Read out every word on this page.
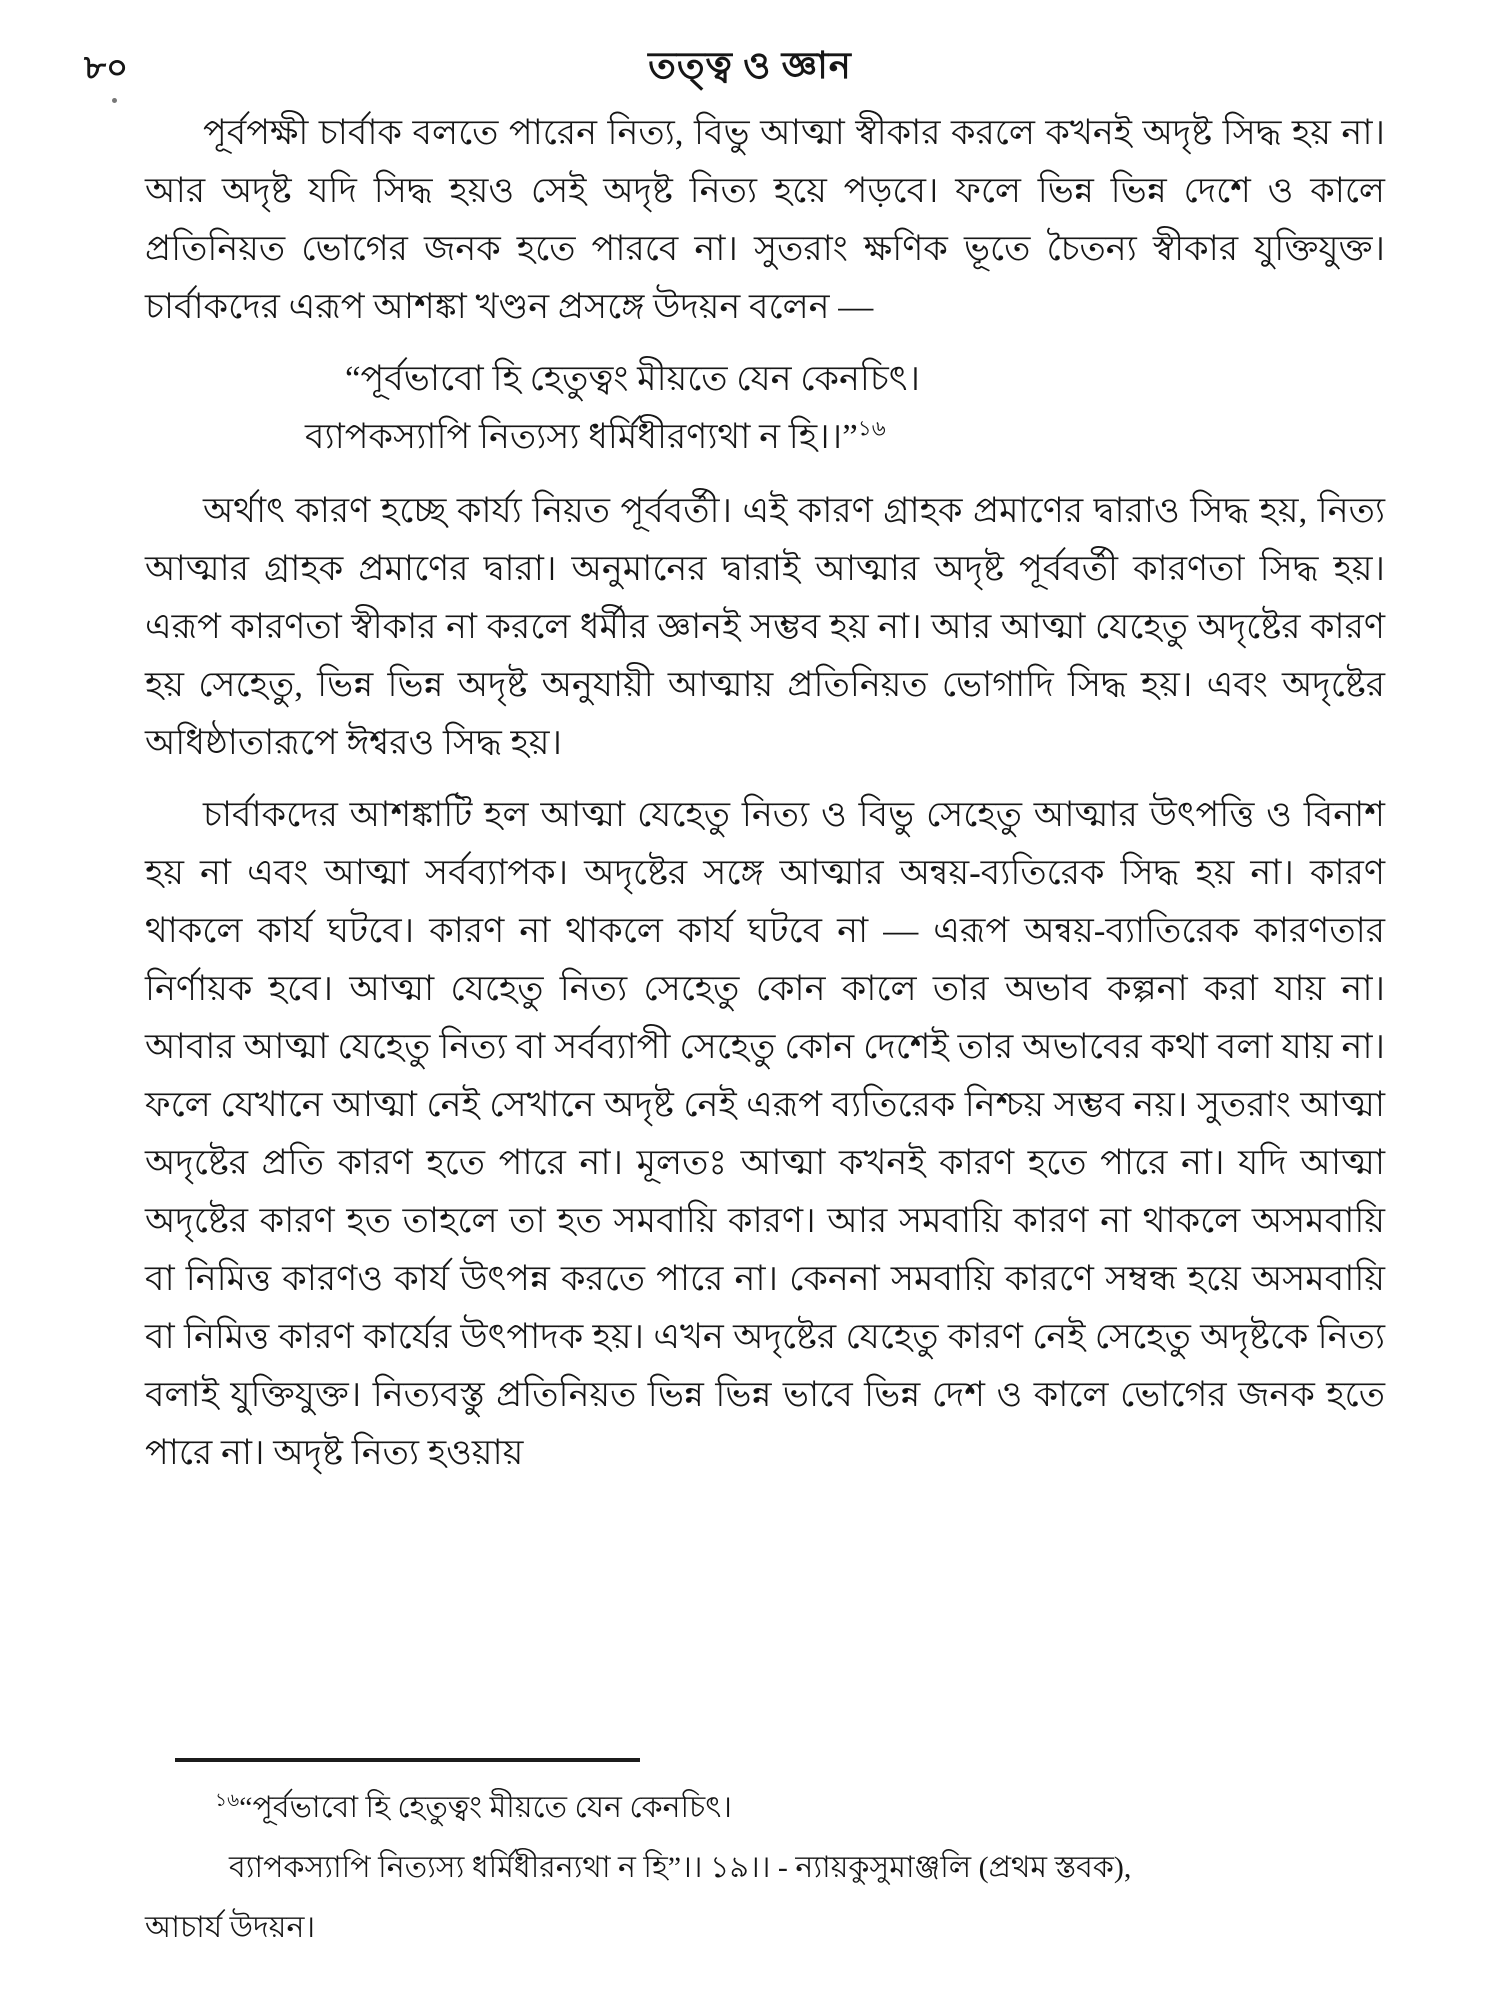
৮০	তত্ত্ব ও জ্ঞান

পূর্বপক্ষী চার্বাক বলতে পারেন নিত্য, বিভু আত্মা স্বীকার করলে কখনই অদৃষ্ট সিদ্ধ হয় না। আর অদৃষ্ট যদি সিদ্ধ হয়ও সেই অদৃষ্ট নিত্য হয়ে পড়বে। ফলে ভিন্ন ভিন্ন দেশে ও কালে প্রতিনিয়ত ভোগের জনক হতে পারবে না। সুতরাং ক্ষণিক ভূতে চৈতন্য স্বীকার যুক্তিযুক্ত। চার্বাকদের এরূপ আশঙ্কা খণ্ডন প্রসঙ্গে উদয়ন বলেন —

“পূর্বভাবো হি হেতুত্বং মীয়তে যেন কেনচিৎ।
ব্যাপকস্যাপি নিত্যস্য ধর্মিধীরণ্যথা ন হি।।”$^{১৬}$

অর্থাৎ কারণ হচ্ছে কার্য্য নিয়ত পূর্ববর্তী। এই কারণ গ্রাহক প্রমাণের দ্বারাও সিদ্ধ হয়, নিত্য আত্মার গ্রাহক প্রমাণের দ্বারা। অনুমানের দ্বারাই আত্মার অদৃষ্ট পূর্ববর্তী কারণতা সিদ্ধ হয়। এরূপ কারণতা স্বীকার না করলে ধর্মীর জ্ঞানই সম্ভব হয় না। আর আত্মা যেহেতু অদৃষ্টের কারণ হয় সেহেতু, ভিন্ন ভিন্ন অদৃষ্ট অনুযায়ী আত্মায় প্রতিনিয়ত ভোগাদি সিদ্ধ হয়। এবং অদৃষ্টের অধিষ্ঠাতারূপে ঈশ্বরও সিদ্ধ হয়।

চার্বাকদের আশঙ্কাটি হল আত্মা যেহেতু নিত্য ও বিভু সেহেতু আত্মার উৎপত্তি ও বিনাশ হয় না এবং আত্মা সর্বব্যাপক। অদৃষ্টের সঙ্গে আত্মার অন্বয়-ব্যতিরেক সিদ্ধ হয় না। কারণ থাকলে কার্য ঘটবে। কারণ না থাকলে কার্য ঘটবে না — এরূপ অন্বয়-ব্যাতিরেক কারণতার নির্ণায়ক হবে। আত্মা যেহেতু নিত্য সেহেতু কোন কালে তার অভাব কল্পনা করা যায় না। আবার আত্মা যেহেতু নিত্য বা সর্বব্যাপী সেহেতু কোন দেশেই তার অভাবের কথা বলা যায় না। ফলে যেখানে আত্মা নেই সেখানে অদৃষ্ট নেই এরূপ ব্যতিরেক নিশ্চয় সম্ভব নয়। সুতরাং আত্মা অদৃষ্টের প্রতি কারণ হতে পারে না। মূলতঃ আত্মা কখনই কারণ হতে পারে না। যদি আত্মা অদৃষ্টের কারণ হত তাহলে তা হত সমবায়ি কারণ। আর সমবায়ি কারণ না থাকলে অসমবায়ি বা নিমিত্ত কারণও কার্য উৎপন্ন করতে পারে না। কেননা সমবায়ি কারণে সম্বন্ধ হয়ে অসমবায়ি বা নিমিত্ত কারণ কার্যের উৎপাদক হয়। এখন অদৃষ্টের যেহেতু কারণ নেই সেহেতু অদৃষ্টকে নিত্য বলাই যুক্তিযুক্ত। নিত্যবস্তু প্রতিনিয়ত ভিন্ন ভিন্ন ভাবে ভিন্ন দেশ ও কালে ভোগের জনক হতে পারে না। অদৃষ্ট নিত্য হওয়ায়

$^{১৬}$“পূর্বভাবো হি হেতুত্বং মীয়তে যেন কেনচিৎ।
ব্যাপকস্যাপি নিত্যস্য ধর্মিধীরন্যথা ন হি”।। ১৯।। - ন্যায়কুসুমাঞ্জলি (প্রথম স্তবক),
আচার্য উদয়ন।
